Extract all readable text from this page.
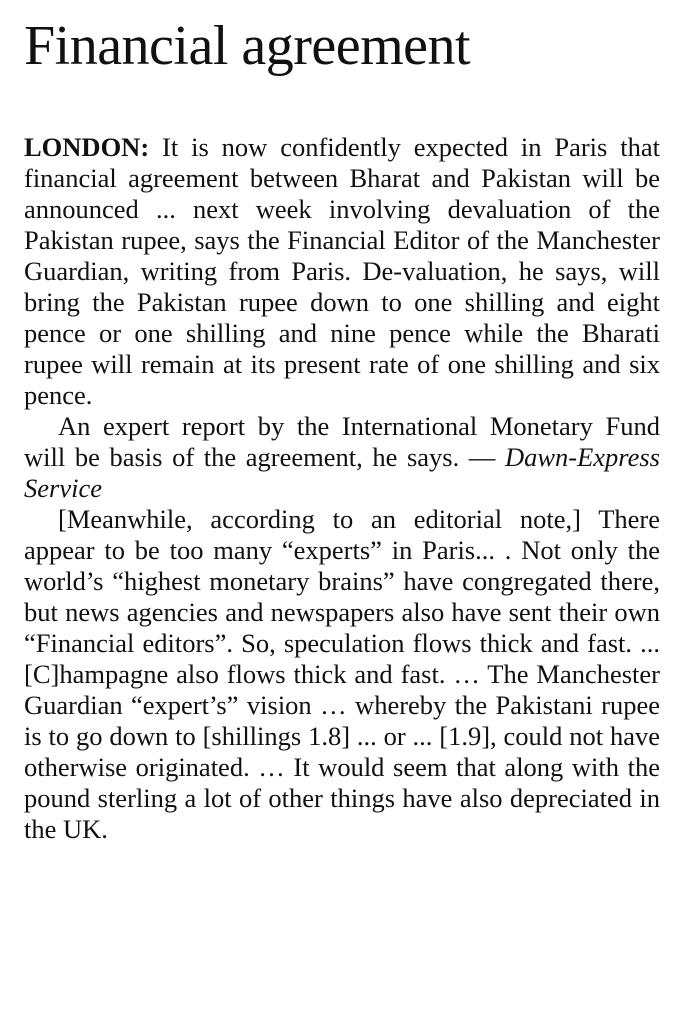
Financial agreement

LONDON: It is now confidently expected in Paris that financial agreement between Bharat and Pakistan will be announced ... next week involving devaluation of the Pakistan rupee, says the Financial Editor of the Manchester Guardian, writing from Paris. De-valuation, he says, will bring the Pakistan rupee down to one shilling and eight pence or one shilling and nine pence while the Bharati rupee will remain at its present rate of one shilling and six pence.

An expert report by the International Monetary Fund will be basis of the agreement, he says. — Dawn-Express Service

[Meanwhile, according to an editorial note,] There appear to be too many “experts” in Paris... . Not only the world’s “highest monetary brains” have congregated there, but news agencies and newspapers also have sent their own “Financial editors”. So, speculation flows thick and fast. ...[C]hampagne also flows thick and fast. … The Manchester Guardian “expert’s” vision … whereby the Pakistani rupee is to go down to [shillings 1.8] ... or ... [1.9], could not have otherwise originated. … It would seem that along with the pound sterling a lot of other things have also depreciated in the UK.
